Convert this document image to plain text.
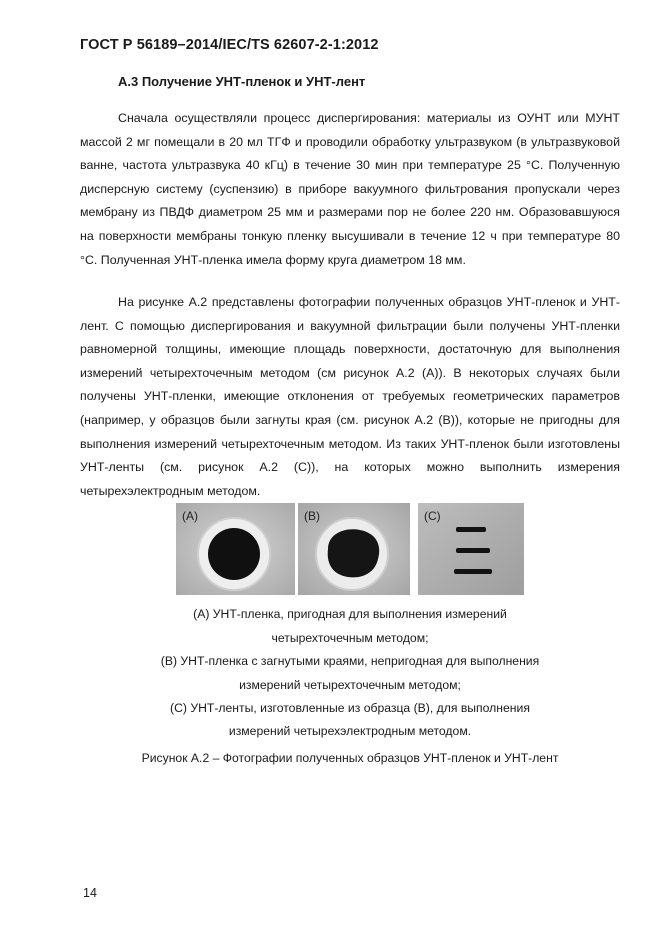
ГОСТ Р 56189–2014/IEC/TS 62607-2-1:2012
А.3 Получение УНТ-пленок и УНТ-лент

Сначала осуществляли процесс диспергирования: материалы из ОУНТ или МУНТ массой 2 мг помещали в 20 мл ТГФ и проводили обработку ультразвуком (в ультразвуковой ванне, частота ультразвука 40 кГц) в течение 30 мин при температуре 25 °C. Полученную дисперсную систему (суспензию) в приборе вакуумного фильтрования пропускали через мембрану из ПВДФ диаметром 25 мм и размерами пор не более 220 нм. Образовавшуюся на поверхности мембраны тонкую пленку высушивали в течение 12 ч при температуре 80 °C. Полученная УНТ-пленка имела форму круга диаметром 18 мм.

На рисунке А.2 представлены фотографии полученных образцов УНТ-пленок и УНТ-лент. С помощью диспергирования и вакуумной фильтрации были получены УНТ-пленки равномерной толщины, имеющие площадь поверхности, достаточную для выполнения измерений четырехточечным методом (см рисунок А.2 (А)). В некоторых случаях были получены УНТ-пленки, имеющие отклонения от требуемых геометрических параметров (например, у образцов были загнуты края (см. рисунок А.2 (В)), которые не пригодны для выполнения измерений четырехточечным методом. Из таких УНТ-пленок были изготовлены УНТ-ленты (см. рисунок А.2 (С)), на которых можно выполнить измерения четырехэлектродным методом.

(A)	(B)	(C)
(А) УНТ-пленка, пригодная для выполнения измерений
четырехточечным методом;
(В) УНТ-пленка с загнутыми краями, непригодная для выполнения
измерений четырехточечным методом;
(С) УНТ-ленты, изготовленные из образца (В), для выполнения
измерений четырехэлектродным методом.
Рисунок А.2 – Фотографии полученных образцов УНТ-пленок и УНТ-лент
14
